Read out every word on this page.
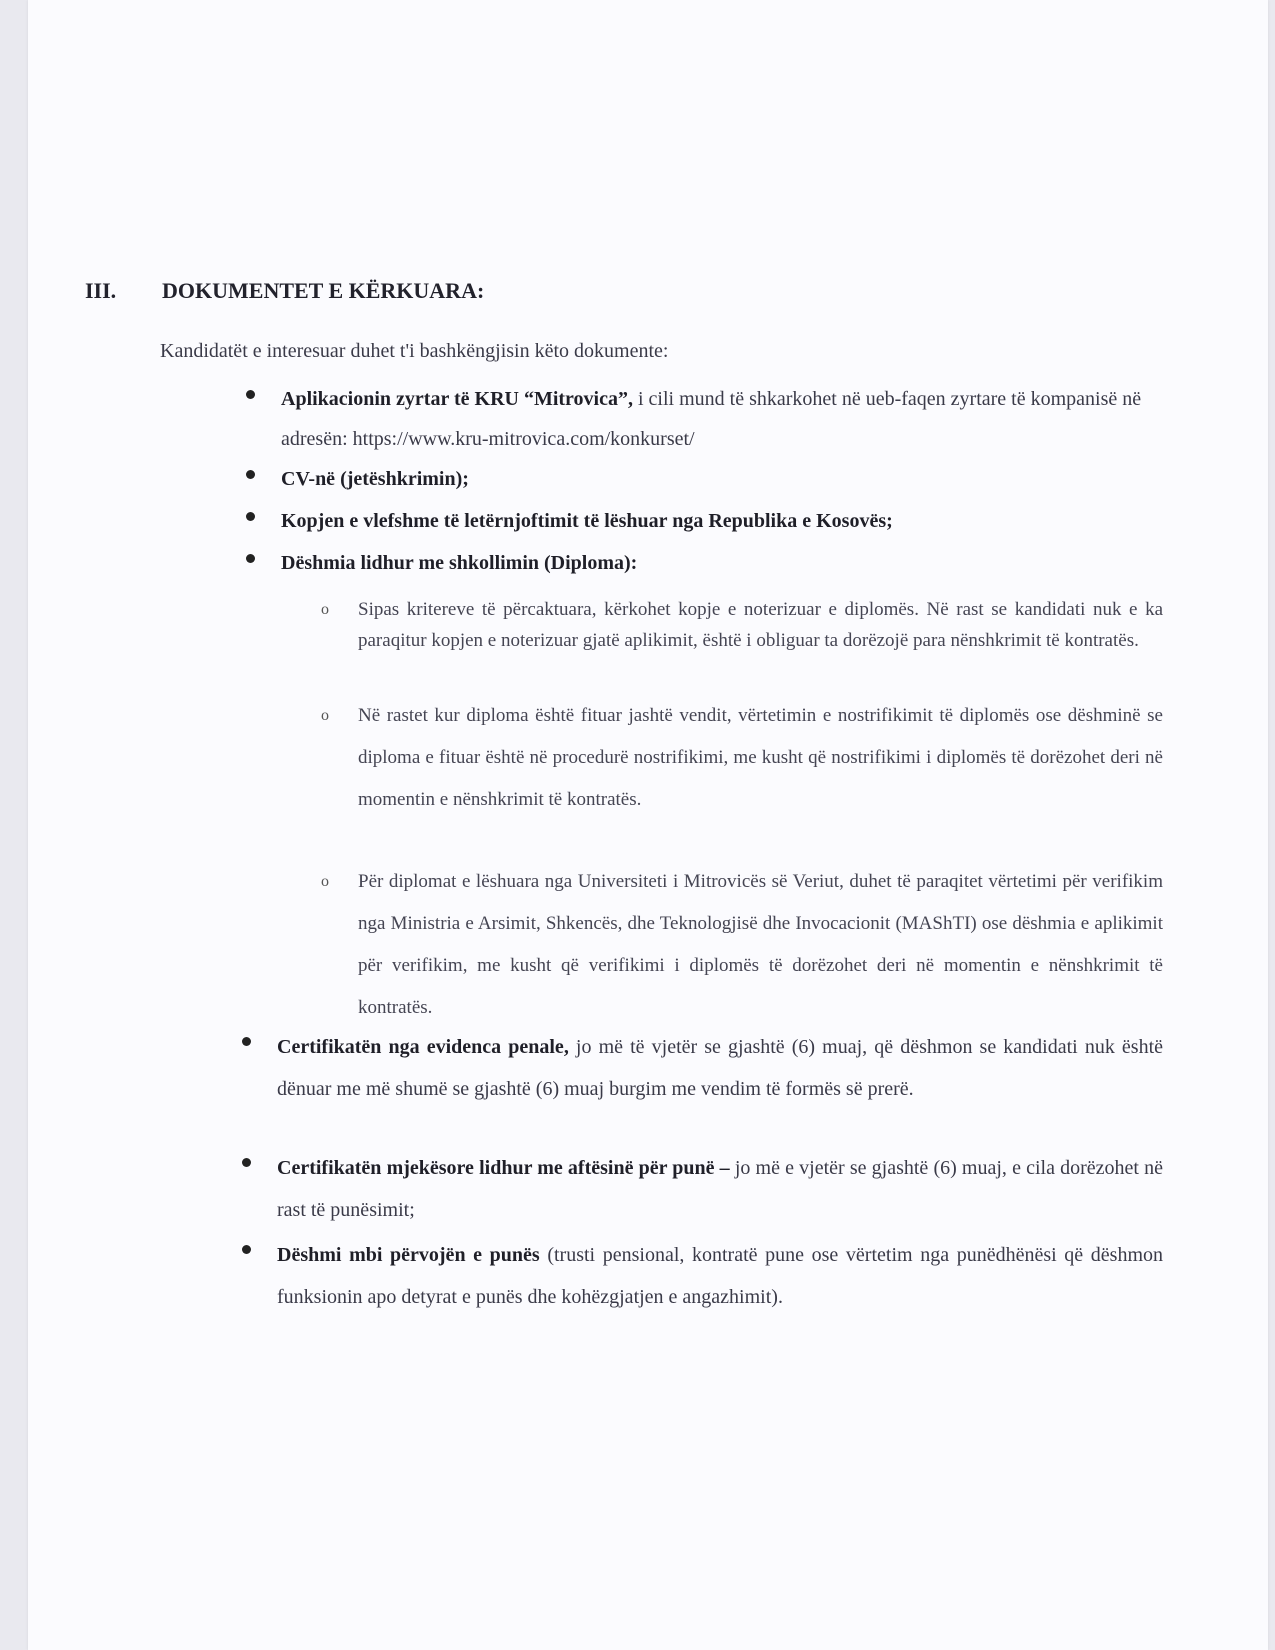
III. DOKUMENTET E KËRKUARA:
Kandidatët e interesuar duhet t'i bashkëngjisin këto dokumente:
Aplikacionin zyrtar të KRU “Mitrovica”, i cili mund të shkarkohet në ueb-faqen zyrtare të kompanisë në adresën: https://www.kru-mitrovica.com/konkurset/
CV-në (jetëshkrimin);
Kopjen e vlefshme të letërnjoftimit të lëshuar nga Republika e Kosovës;
Dëshmia lidhur me shkollimin (Diploma):
o Sipas kritereve të përcaktuara, kërkohet kopje e noterizuar e diplomës. Në rast se kandidati nuk e ka paraqitur kopjen e noterizuar gjatë aplikimit, është i obliguar ta dorëzojë para nënshkrimit të kontratës.
o Në rastet kur diploma është fituar jashtë vendit, vërtetimin e nostrifikimit të diplomës ose dëshminë se diploma e fituar është në procedurë nostrifikimi, me kusht që nostrifikimi i diplomës të dorëzohet deri në momentin e nënshkrimit të kontratës.
o Për diplomat e lëshuara nga Universiteti i Mitrovicës së Veriut, duhet të paraqitet vërtetimi për verifikim nga Ministria e Arsimit, Shkencës, dhe Teknologjisë dhe Invocacionit (MAShTI) ose dëshmia e aplikimit për verifikim, me kusht që verifikimi i diplomës të dorëzohet deri në momentin e nënshkrimit të kontratës.
Certifikatën nga evidenca penale, jo më të vjetër se gjashtë (6) muaj, që dëshmon se kandidati nuk është dënuar me më shumë se gjashtë (6) muaj burgim me vendim të formës së prerë.
Certifikatën mjekësore lidhur me aftësinë për punë – jo më e vjetër se gjashtë (6) muaj, e cila dorëzohet në rast të punësimit;
Dëshmi mbi përvojën e punës (trusti pensional, kontratë pune ose vërtetim nga punëdhënësi që dëshmon funksionin apo detyrat e punës dhe kohëzgjatjen e angazhimit).
